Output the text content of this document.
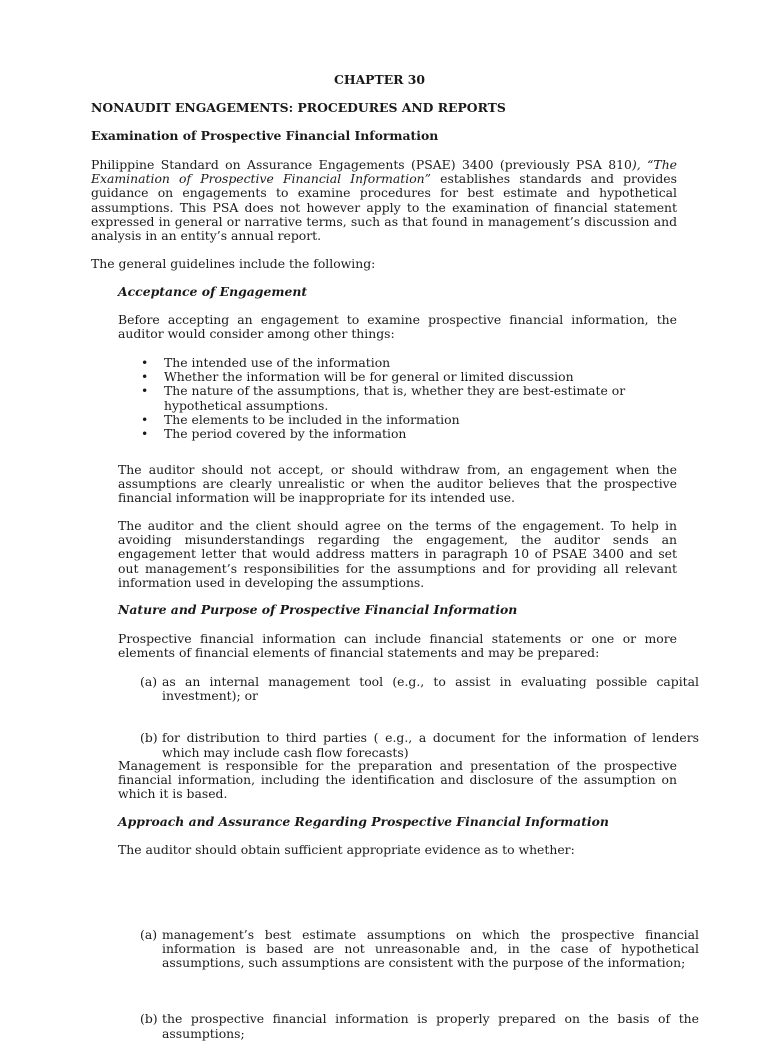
CHAPTER 30
NONAUDIT ENGAGEMENTS: PROCEDURES AND REPORTS
Examination of Prospective Financial Information
Philippine Standard on Assurance Engagements (PSAE) 3400 (previously PSA 810), “The Examination of Prospective Financial Information” establishes standards and provides guidance on engagements to examine procedures for best estimate and hypothetical assumptions. This PSA does not however apply to the examination of financial statement expressed in general or narrative terms, such as that found in management’s discussion and analysis in an entity’s annual report.
The general guidelines include the following:
Acceptance of Engagement
Before accepting an engagement to examine prospective financial information, the auditor would consider among other things:
• The intended use of the information
• Whether the information will be for general or limited discussion
• The nature of the assumptions, that is, whether they are best-estimate or hypothetical assumptions.
• The elements to be included in the information
• The period covered by the information
The auditor should not accept, or should withdraw from, an engagement when the assumptions are clearly unrealistic or when the auditor believes that the prospective financial information will be inappropriate for its intended use.
The auditor and the client should agree on the terms of the engagement. To help in avoiding misunderstandings regarding the engagement, the auditor sends an engagement letter that would address matters in paragraph 10 of PSAE 3400 and set out management’s responsibilities for the assumptions and for providing all relevant information used in developing the assumptions.
Nature and Purpose of Prospective Financial Information
Prospective financial information can include financial statements or one or more elements of financial elements of financial statements and may be prepared:
(a) as an internal management tool (e.g., to assist in evaluating possible capital investment); or
(b) for distribution to third parties ( e.g., a document for the information of lenders which may include cash flow forecasts)
Management is responsible for the preparation and presentation of the prospective financial information, including the identification and disclosure of the assumption on which it is based.
Approach and Assurance Regarding Prospective Financial Information
The auditor should obtain sufficient appropriate evidence as to whether:
(a) management’s best estimate assumptions on which the prospective financial information is based are not unreasonable and, in the case of hypothetical assumptions, such assumptions are consistent with the purpose of the information;
(b) the prospective financial information is properly prepared on the basis of the assumptions;
